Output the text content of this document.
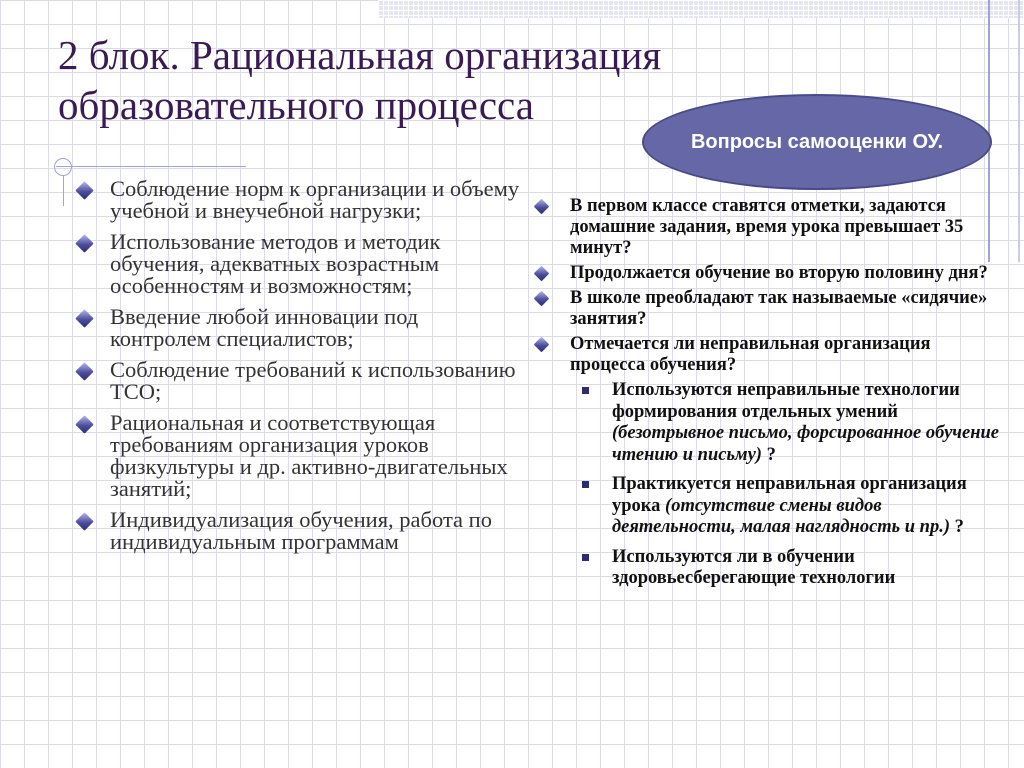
2 блок. Рациональная организация
образовательного процесса
Вопросы самооценки ОУ.
Соблюдение норм к организации и объему учебной и внеучебной нагрузки;
Использование методов и методик обучения, адекватных возрастным особенностям и возможностям;
Введение любой инновации под контролем специалистов;
Соблюдение требований к использованию ТСО;
Рациональная и соответствующая требованиям организация уроков физкультуры и др. активно-двигательных занятий;
Индивидуализация обучения, работа по индивидуальным программам
В первом классе ставятся отметки, задаются домашние задания, время урока превышает 35 минут?
Продолжается обучение во вторую половину дня?
В школе преобладают так называемые «сидячие» занятия?
Отмечается ли неправильная организация процесса обучения?
Используются неправильные технологии формирования отдельных умений (безотрывное письмо, форсированное обучение чтению и письму) ?
Практикуется неправильная организация урока (отсутствие смены видов деятельности, малая наглядность и пр.) ?
Используются ли в обучении здоровьесберегающие технологии
